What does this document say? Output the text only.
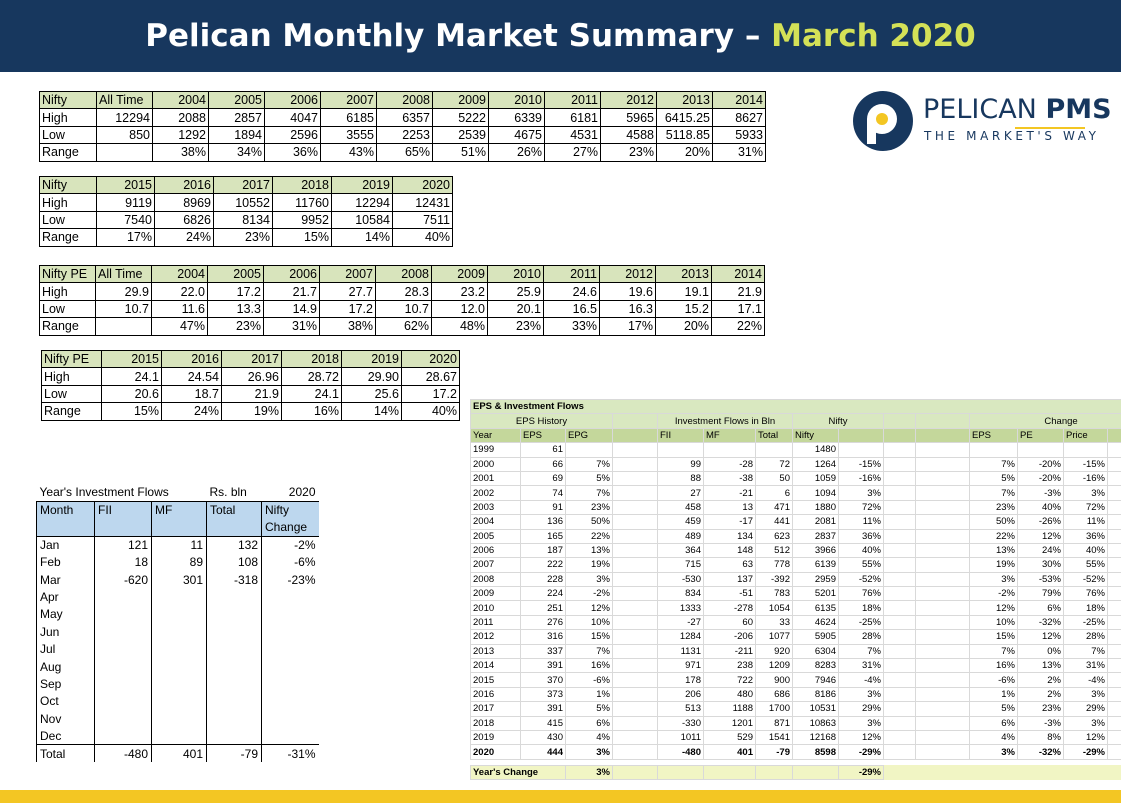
Pelican Monthly Market Summary – March 2020
PELICAN PMS
THE MARKET'S WAY
Nifty	All Time	2004	2005	2006	2007	2008	2009	2010	2011	2012	2013	2014
High	12294	2088	2857	4047	6185	6357	5222	6339	6181	5965	6415.25	8627
Low	850	1292	1894	2596	3555	2253	2539	4675	4531	4588	5118.85	5933
Range		38%	34%	36%	43%	65%	51%	26%	27%	23%	20%	31%
Nifty	2015	2016	2017	2018	2019	2020
High	9119	8969	10552	11760	12294	12431
Low	7540	6826	8134	9952	10584	7511
Range	17%	24%	23%	15%	14%	40%
Nifty PE	All Time	2004	2005	2006	2007	2008	2009	2010	2011	2012	2013	2014
High	29.9	22.0	17.2	21.7	27.7	28.3	23.2	25.9	24.6	19.6	19.1	21.9
Low	10.7	11.6	13.3	14.9	17.2	10.7	12.0	20.1	16.5	16.3	15.2	17.1
Range		47%	23%	31%	38%	62%	48%	23%	33%	17%	20%	22%
Nifty PE	2015	2016	2017	2018	2019	2020
High	24.1	24.54	26.96	28.72	29.90	28.67
Low	20.6	18.7	21.9	24.1	25.6	17.2
Range	15%	24%	19%	16%	14%	40%
Year's Investment Flows			Rs. bln	2020
Month	FII	MF	Total	Nifty
				Change
Jan	121	11	132	-2%
Feb	18	89	108	-6%
Mar	-620	301	-318	-23%
Apr				
May				
Jun				
Jul				
Aug				
Sep				
Oct				
Nov				
Dec				
Total	-480	401	-79	-31%
EPS & Investment Flows														
EPS History				Investment Flows in Bln			Nifty				Change			
Year	EPS	EPG		FII	MF	Total	Nifty				EPS	PE	Price	
1999	61						1480							
2000	66	7%		99	-28	72	1264	-15%			7%	-20%	-15%	
2001	69	5%		88	-38	50	1059	-16%			5%	-20%	-16%	
2002	74	7%		27	-21	6	1094	3%			7%	-3%	3%	
2003	91	23%		458	13	471	1880	72%			23%	40%	72%	
2004	136	50%		459	-17	441	2081	11%			50%	-26%	11%	
2005	165	22%		489	134	623	2837	36%			22%	12%	36%	
2006	187	13%		364	148	512	3966	40%			13%	24%	40%	
2007	222	19%		715	63	778	6139	55%			19%	30%	55%	
2008	228	3%		-530	137	-392	2959	-52%			3%	-53%	-52%	
2009	224	-2%		834	-51	783	5201	76%			-2%	79%	76%	
2010	251	12%		1333	-278	1054	6135	18%			12%	6%	18%	
2011	276	10%		-27	60	33	4624	-25%			10%	-32%	-25%	
2012	316	15%		1284	-206	1077	5905	28%			15%	12%	28%	
2013	337	7%		1131	-211	920	6304	7%			7%	0%	7%	
2014	391	16%		971	238	1209	8283	31%			16%	13%	31%	
2015	370	-6%		178	722	900	7946	-4%			-6%	2%	-4%	
2016	373	1%		206	480	686	8186	3%			1%	2%	3%	
2017	391	5%		513	1188	1700	10531	29%			5%	23%	29%	
2018	415	6%		-330	1201	871	10863	3%			6%	-3%	3%	
2019	430	4%		1011	529	1541	12168	12%			4%	8%	12%	
2020	444	3%		-480	401	-79	8598	-29%			3%	-32%	-29%	

Year's Change		3%						-29%						
